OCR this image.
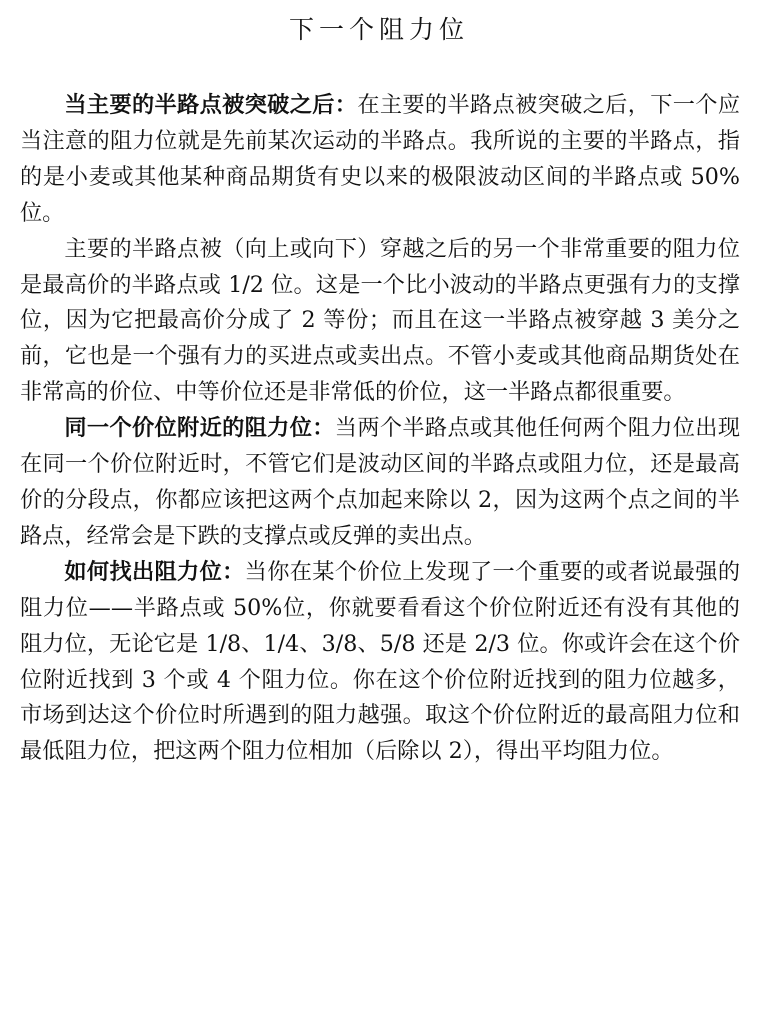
下一个阻力位

当主要的半路点被突破之后：在主要的半路点被突破之后，下一个应当注意的阻力位就是先前某次运动的半路点。我所说的主要的半路点，指的是小麦或其他某种商品期货有史以来的极限波动区间的半路点或 50%位。

主要的半路点被（向上或向下）穿越之后的另一个非常重要的阻力位是最高价的半路点或 1/2 位。这是一个比小波动的半路点更强有力的支撑位，因为它把最高价分成了 2 等份；而且在这一半路点被穿越 3 美分之前，它也是一个强有力的买进点或卖出点。不管小麦或其他商品期货处在非常高的价位、中等价位还是非常低的价位，这一半路点都很重要。

同一个价位附近的阻力位：当两个半路点或其他任何两个阻力位出现在同一个价位附近时，不管它们是波动区间的半路点或阻力位，还是最高价的分段点，你都应该把这两个点加起来除以 2，因为这两个点之间的半路点，经常会是下跌的支撑点或反弹的卖出点。

如何找出阻力位：当你在某个价位上发现了一个重要的或者说最强的阻力位——半路点或 50%位，你就要看看这个价位附近还有没有其他的阻力位，无论它是 1/8、1/4、3/8、5/8 还是 2/3 位。你或许会在这个价位附近找到 3 个或 4 个阻力位。你在这个价位附近找到的阻力位越多，市场到达这个价位时所遇到的阻力越强。取这个价位附近的最高阻力位和最低阻力位，把这两个阻力位相加（后除以 2），得出平均阻力位。
